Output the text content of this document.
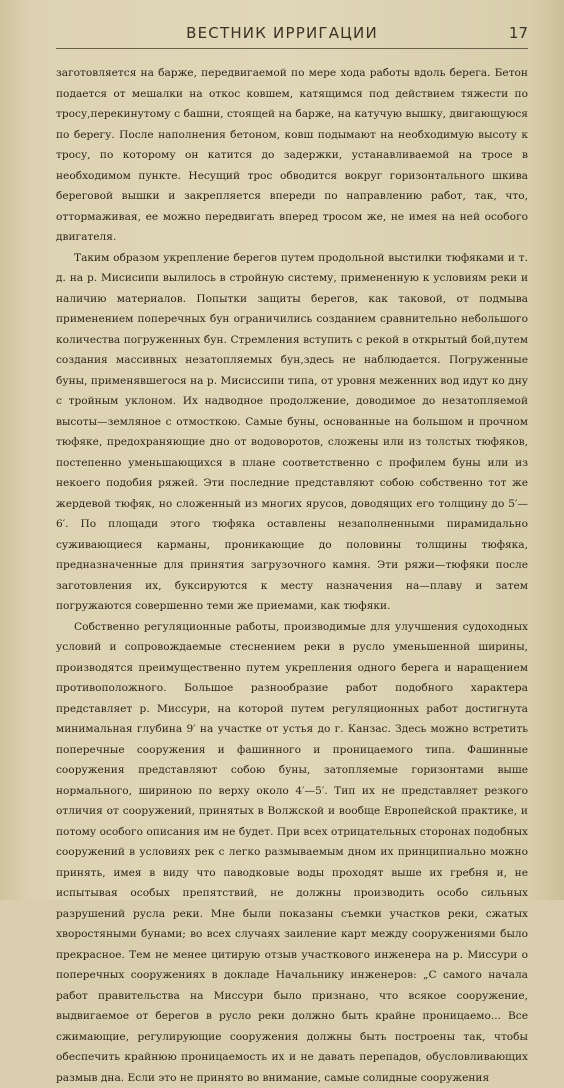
ВЕСТНИК ИРРИГАЦИИ	17

заготовляется на барже, передвигаемой по мере хода работы вдоль берега. Бетон подается от мешалки на откос ковшем, катящимся под действием тяжести по тросу,перекинутому с башни, стоящей на барже, на катучую вышку, двигающуюся по берегу. После наполнения бетоном, ковш подымают на необходимую высоту к тросу, по которому он катится до задержки, устанавливаемой на тросе в необходимом пункте. Несущий трос обводится вокруг горизонтального шкива береговой вышки и закрепляется впереди по направлению работ, так, что, оттормаживая, ее можно передвигать вперед тросом же, не имея на ней особого двигателя.

Таким образом укрепление берегов путем продольной выстилки тюфяками и т. д. на р. Мисисипи вылилось в стройную систему, примененную к условиям реки и наличию материалов. Попытки защиты берегов, как таковой, от подмыва применением поперечных бун ограничились созданием сравнительно небольшого количества погруженных бун. Стремления вступить с рекой в открытый бой,путем создания массивных незатопляемых бун,здесь не наблюдается. Погруженные буны, применявшегося на р. Мисиссипи типа, от уровня меженних вод идут ко дну с тройным уклоном. Их надводное продолжение, доводимое до незатопляемой высоты—земляное с отмосткою. Самые буны, основанные на большом и прочном тюфяке, предохраняющие дно от водоворотов, сложены или из толстых тюфяков, постепенно уменьшающихся в плане соответственно с профилем буны или из некоего подобия ряжей. Эти последние представляют собою собственно тот же жердевой тюфяк, но сложенный из многих ярусов, доводящих его толщину до 5′—6′. По площади этого тюфяка оставлены незаполненными пирамидально суживающиеся карманы, проникающие до половины толщины тюфяка, предназначенные для принятия загрузочного камня. Эти ряжи—тюфяки после заготовления их, буксируются к месту назначения на—плаву и затем погружаются совершенно теми же приемами, как тюфяки.

Собственно регуляционные работы, производимые для улучшения судоходных условий и сопровождаемые стеснением реки в русло уменьшенной ширины, производятся преимущественно путем укрепления одного берега и наращением противоположного. Большое разнообразие работ подобного характера представляет р. Миссури, на которой путем регуляционных работ достигнута минимальная глубина 9′ на участке от устья до г. Канзас. Здесь можно встретить поперечные сооружения и фашинного и проницаемого типа. Фашинные сооружения представляют собою буны, затопляемые горизонтами выше нормального, шириною по верху около 4′—5′. Тип их не представляет резкого отличия от сооружений, принятых в Волжской и вообще Европейской практике, и потому особого описания им не будет. При всех отрицательных сторонах подобных сооружений в условиях рек с легко размываемым дном их принципиально можно принять, имея в виду что паводковые воды проходят выше их гребня и, не испытывая особых препятствий, не должны производить особо сильных разрушений русла реки. Мне были показаны съемки участков реки, сжатых хворостяными бунами; во всех случаях заиление карт между сооружениями было прекрасное. Тем не менее цитирую отзыв участкового инженера на р. Миссури о поперечных сооружениях в докладе Начальнику инженеров: „С самого начала работ правительства на Миссури было признано, что всякое сооружение, выдвигаемое от берегов в русло реки должно быть крайне проницаемо... Все сжимающие, регулирующие сооружения должны быть построены так, чтобы обеспечить крайнюю проницаемость их и не давать перепадов, обусловливающих размыв дна. Если это не принято во внимание, самые солидные сооружения
